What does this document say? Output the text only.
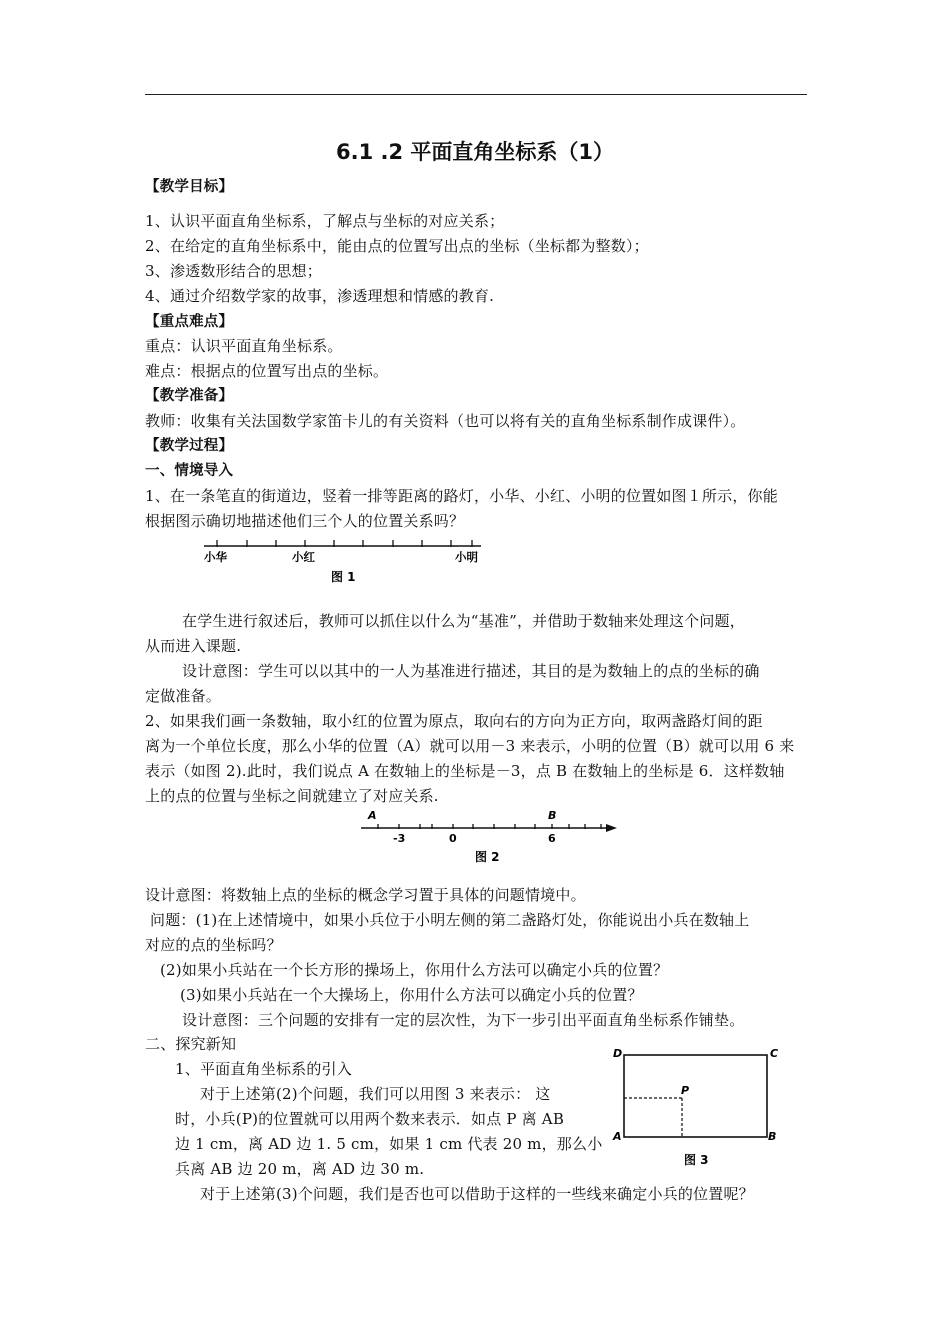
6.1 .2 平面直角坐标系（1）
【教学目标】
1、认识平面直角坐标系，了解点与坐标的对应关系；
2、在给定的直角坐标系中，能由点的位置写出点的坐标（坐标都为整数）；
3、渗透数形结合的思想；
4、通过介绍数学家的故事，渗透理想和情感的教育.
【重点难点】
重点：认识平面直角坐标系。
难点：根据点的位置写出点的坐标。
【教学准备】
教师：收集有关法国数学家笛卡儿的有关资料（也可以将有关的直角坐标系制作成课件）。
【教学过程】
一、情境导入
1、在一条笔直的街道边，竖着一排等距离的路灯，小华、小红、小明的位置如图１所示，你能
根据图示确切地描述他们三个人的位置关系吗？
小华	小红	小明
图 1
在学生进行叙述后，教师可以抓住以什么为“基准”，并借助于数轴来处理这个问题，
从而进入课题.
设计意图：学生可以以其中的一人为基准进行描述，其目的是为数轴上的点的坐标的确
定做准备。
2、如果我们画一条数轴，取小红的位置为原点，取向右的方向为正方向，取两盏路灯间的距
离为一个单位长度，那么小华的位置（A）就可以用－3 来表示，小明的位置（B）就可以用 6 来
表示（如图 2).此时，我们说点 A 在数轴上的坐标是－3，点 B 在数轴上的坐标是 6．这样数轴
上的点的位置与坐标之间就建立了对应关系.
A	B
-3	0	6
图 2
设计意图：将数轴上点的坐标的概念学习置于具体的问题情境中。
问题：(1)在上述情境中，如果小兵位于小明左侧的第二盏路灯处，你能说出小兵在数轴上
对应的点的坐标吗？
(2)如果小兵站在一个长方形的操场上，你用什么方法可以确定小兵的位置？
(3)如果小兵站在一个大操场上，你用什么方法可以确定小兵的位置？
设计意图：三个问题的安排有一定的层次性，为下一步引出平面直角坐标系作铺垫。
二、探究新知
1、平面直角坐标系的引入
对于上述第(2)个问题，我们可以用图 3 来表示： 这
时，小兵(P)的位置就可以用两个数来表示．如点 P 离 AB
边 1 cm，离 AD 边 1. 5 cm，如果 1 cm 代表 20 m，那么小
兵离 AB 边 20 m，离 AD 边 30 m.
对于上述第(3)个问题，我们是否也可以借助于这样的一些线来确定小兵的位置呢？
D	C
A	B
P
图 3
